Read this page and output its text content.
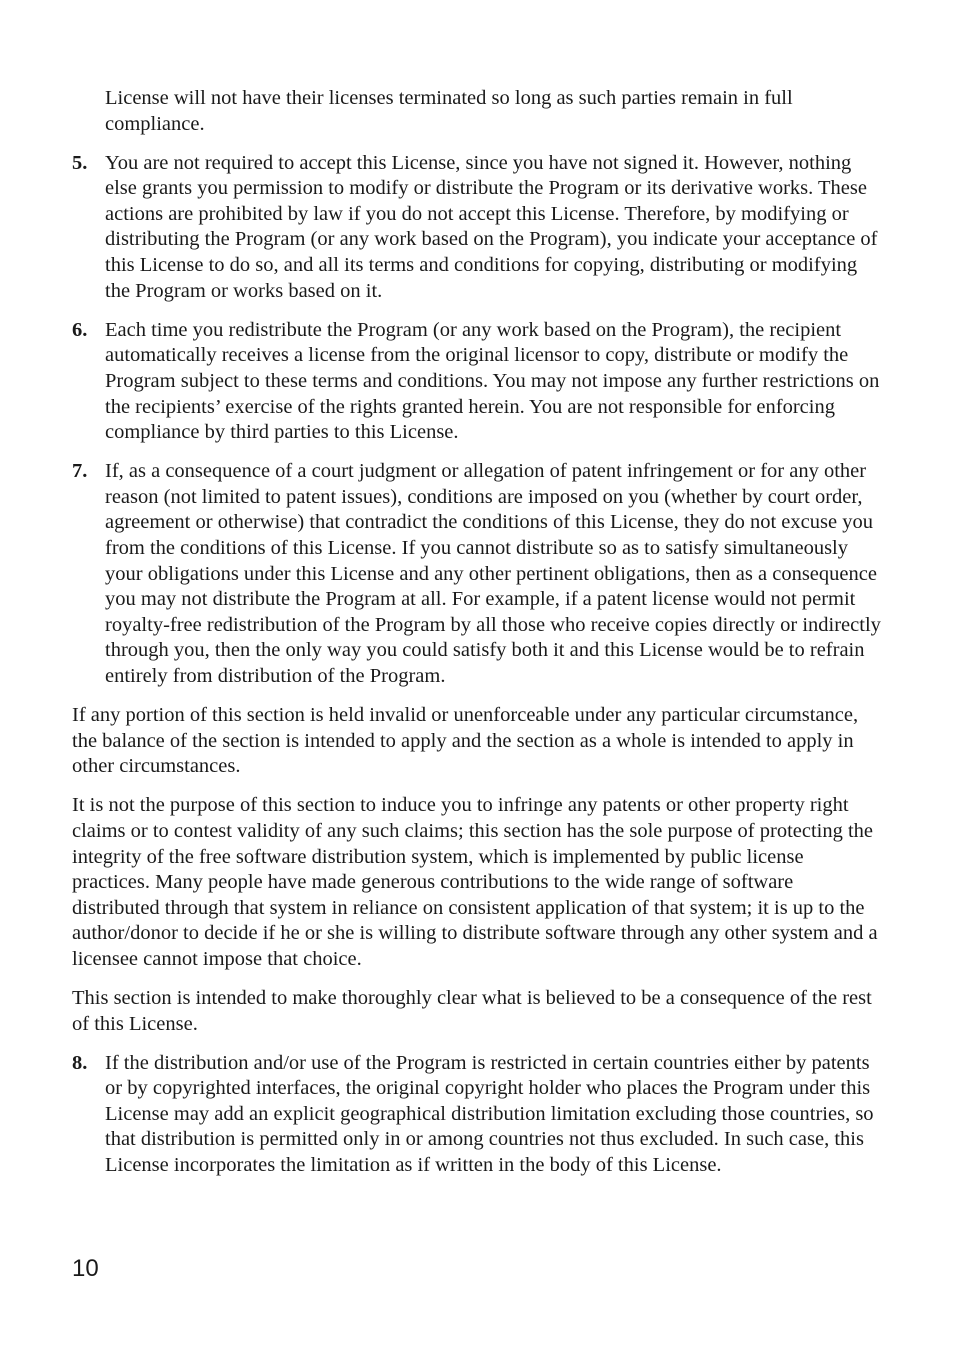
License will not have their licenses terminated so long as such parties remain in full compliance.

5. You are not required to accept this License, since you have not signed it. However, nothing else grants you permission to modify or distribute the Program or its derivative works. These actions are prohibited by law if you do not accept this License. Therefore, by modifying or distributing the Program (or any work based on the Program), you indicate your acceptance of this License to do so, and all its terms and conditions for copying, distributing or modifying the Program or works based on it.
6. Each time you redistribute the Program (or any work based on the Program), the recipient automatically receives a license from the original licensor to copy, distribute or modify the Program subject to these terms and conditions. You may not impose any further restrictions on the recipients’ exercise of the rights granted herein. You are not responsible for enforcing compliance by third parties to this License.
7. If, as a consequence of a court judgment or allegation of patent infringement or for any other reason (not limited to patent issues), conditions are imposed on you (whether by court order, agreement or otherwise) that contradict the conditions of this License, they do not excuse you from the conditions of this License. If you cannot distribute so as to satisfy simultaneously your obligations under this License and any other pertinent obligations, then as a consequence you may not distribute the Program at all. For example, if a patent license would not permit royalty-free redistribution of the Program by all those who receive copies directly or indirectly through you, then the only way you could satisfy both it and this License would be to refrain entirely from distribution of the Program.

If any portion of this section is held invalid or unenforceable under any particular circumstance, the balance of the section is intended to apply and the section as a whole is intended to apply in other circumstances.

It is not the purpose of this section to induce you to infringe any patents or other property right claims or to contest validity of any such claims; this section has the sole purpose of protecting the integrity of the free software distribution system, which is implemented by public license practices. Many people have made generous contributions to the wide range of software distributed through that system in reliance on consistent application of that system; it is up to the author/donor to decide if he or she is willing to distribute software through any other system and a licensee cannot impose that choice.

This section is intended to make thoroughly clear what is believed to be a consequence of the rest of this License.

8. If the distribution and/or use of the Program is restricted in certain countries either by patents or by copyrighted interfaces, the original copyright holder who places the Program under this License may add an explicit geographical distribution limitation excluding those countries, so that distribution is permitted only in or among countries not thus excluded. In such case, this License incorporates the limitation as if written in the body of this License.
10
